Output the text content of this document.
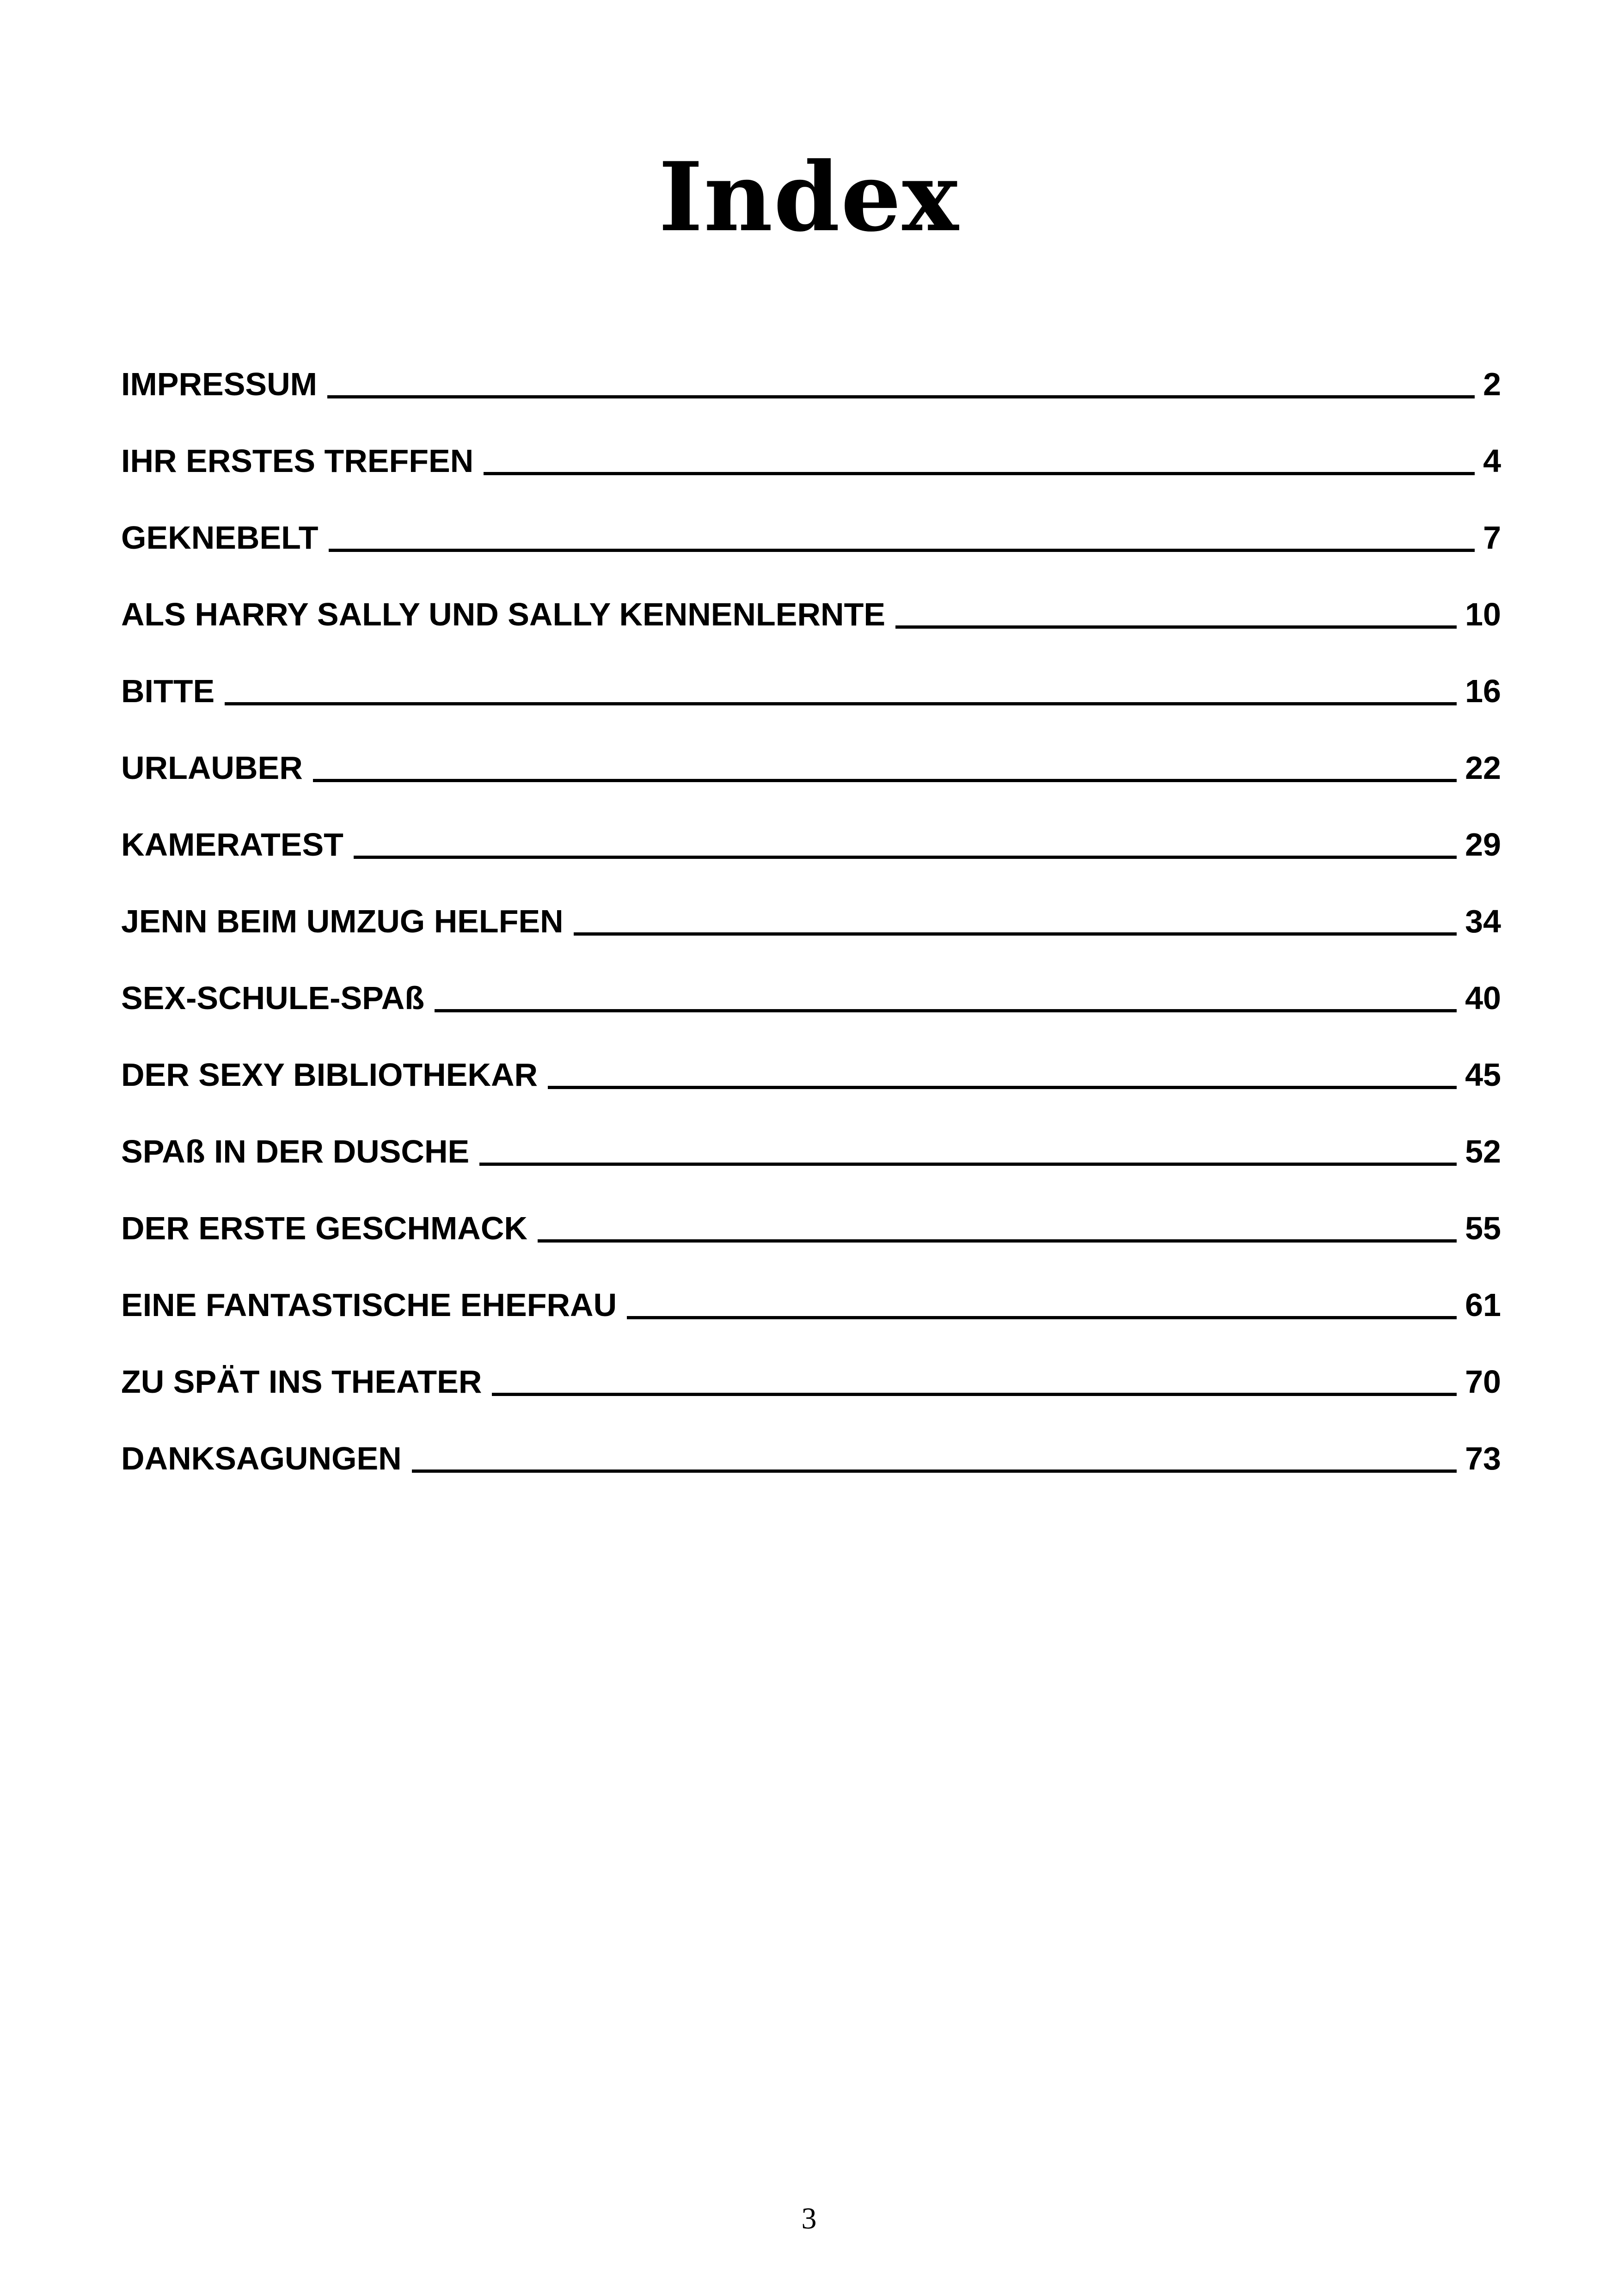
Index
IMPRESSUM	2
IHR ERSTES TREFFEN	4
GEKNEBELT	7
ALS HARRY SALLY UND SALLY KENNENLERNTE	10
BITTE	16
URLAUBER	22
KAMERATEST	29
JENN BEIM UMZUG HELFEN	34
SEX-SCHULE-SPAß	40
DER SEXY BIBLIOTHEKAR	45
SPAß IN DER DUSCHE	52
DER ERSTE GESCHMACK	55
EINE FANTASTISCHE EHEFRAU	61
ZU SPÄT INS THEATER	70
DANKSAGUNGEN	73
3
